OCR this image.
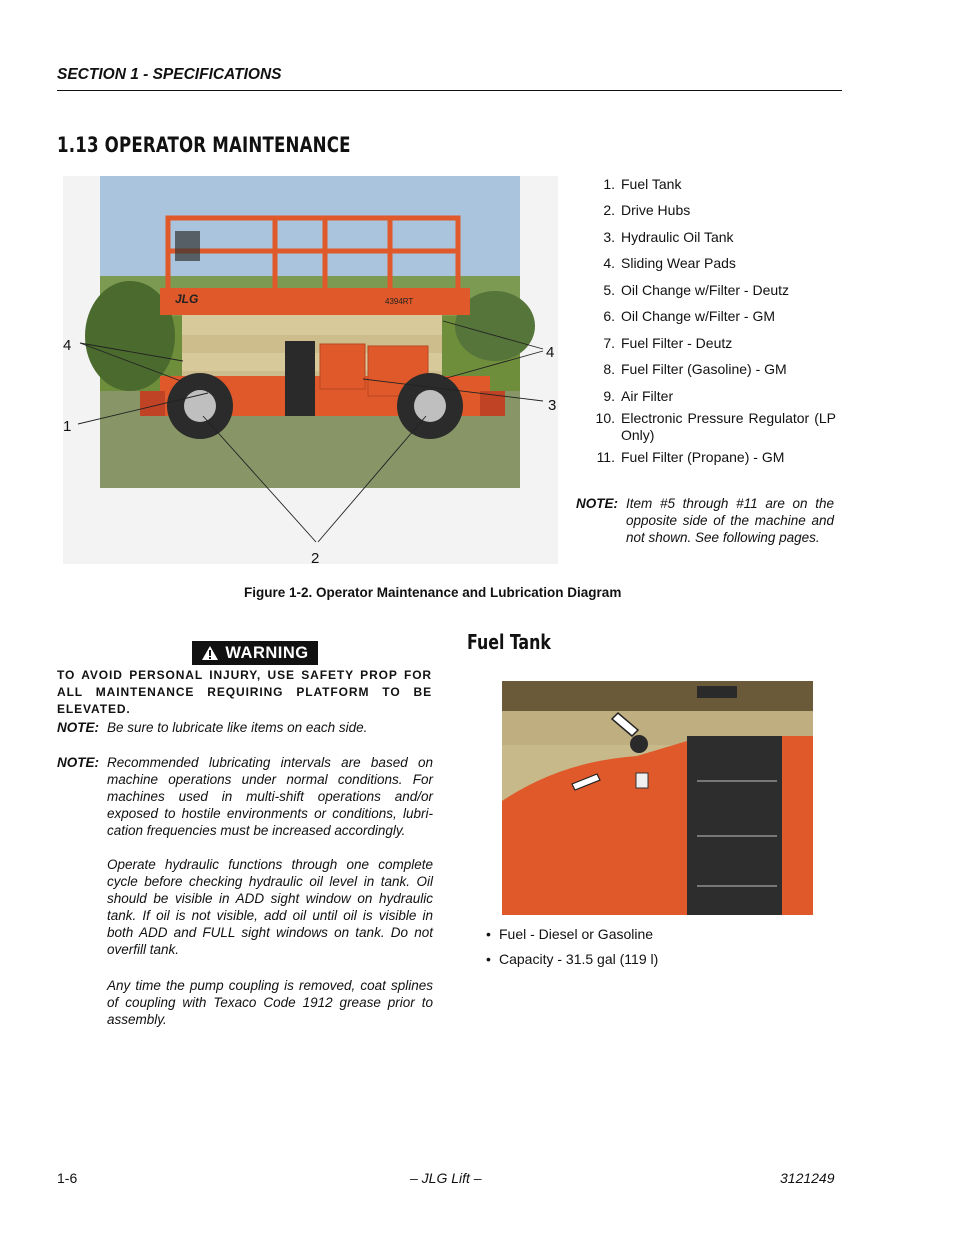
SECTION 1 - SPECIFICATIONS
1.13 OPERATOR MAINTENANCE
JLG	4394RT
4
1
4
3
2
1. Fuel Tank
2. Drive Hubs
3. Hydraulic Oil Tank
4. Sliding Wear Pads
5. Oil Change w/Filter - Deutz
6. Oil Change w/Filter - GM
7. Fuel Filter - Deutz
8. Fuel Filter (Gasoline) - GM
9. Air Filter
10. Electronic Pressure Regulator (LP Only)
11. Fuel Filter (Propane) - GM
NOTE: Item #5 through #11 are on the opposite side of the machine and not shown. See following pages.
Figure 1-2. Operator Maintenance and Lubrication Diagram
WARNING
TO AVOID PERSONAL INJURY, USE SAFETY PROP FOR ALL MAINTENANCE REQUIRING PLATFORM TO BE ELEVATED.
NOTE: Be sure to lubricate like items on each side.
NOTE: Recommended lubricating intervals are based on machine operations under normal conditions. For machines used in multi-shift operations and/or exposed to hostile environments or conditions, lubri-cation frequencies must be increased accordingly.
Operate hydraulic functions through one complete cycle before checking hydraulic oil level in tank. Oil should be visible in ADD sight window on hydraulic tank. If oil is not visible, add oil until oil is visible in both ADD and FULL sight windows on tank. Do not overfill tank.
Any time the pump coupling is removed, coat splines of coupling with Texaco Code 1912 grease prior to assembly.
Fuel Tank
• Fuel - Diesel or Gasoline
• Capacity - 31.5 gal (119 l)
1-6	– JLG Lift –	3121249
